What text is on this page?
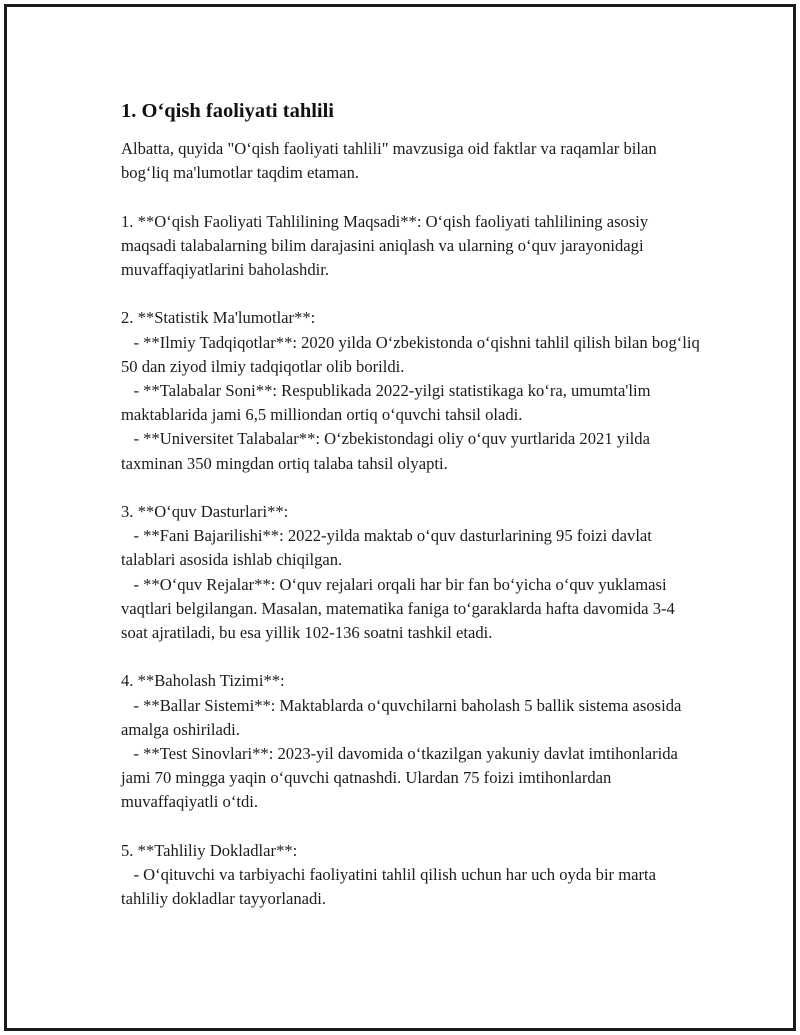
1. O‘qish faoliyati tahlili

Albatta, quyida "O‘qish faoliyati tahlili" mavzusiga oid faktlar va raqamlar bilan bog‘liq ma'lumotlar taqdim etaman.

1. **O‘qish Faoliyati Tahlilining Maqsadi**: O‘qish faoliyati tahlilining asosiy maqsadi talabalarning bilim darajasini aniqlash va ularning o‘quv jarayonidagi muvaffaqiyatlarini baholashdir.

2. **Statistik Ma'lumotlar**:

- **Ilmiy Tadqiqotlar**: 2020 yilda O‘zbekistonda o‘qishni tahlil qilish bilan bog‘liq 50 dan ziyod ilmiy tadqiqotlar olib borildi.

- **Talabalar Soni**: Respublikada 2022-yilgi statistikaga ko‘ra, umumta'lim maktablarida jami 6,5 milliondan ortiq o‘quvchi tahsil oladi.

- **Universitet Talabalar**: O‘zbekistondagi oliy o‘quv yurtlarida 2021 yilda taxminan 350 mingdan ortiq talaba tahsil olyapti.

3. **O‘quv Dasturlari**:

- **Fani Bajarilishi**: 2022-yilda maktab o‘quv dasturlarining 95 foizi davlat talablari asosida ishlab chiqilgan.

- **O‘quv Rejalar**: O‘quv rejalari orqali har bir fan bo‘yicha o‘quv yuklamasi vaqtlari belgilangan. Masalan, matematika faniga to‘garaklarda hafta davomida 3-4 soat ajratiladi, bu esa yillik 102-136 soatni tashkil etadi.

4. **Baholash Tizimi**:

- **Ballar Sistemi**: Maktablarda o‘quvchilarni baholash 5 ballik sistema asosida amalga oshiriladi.

- **Test Sinovlari**: 2023-yil davomida o‘tkazilgan yakuniy davlat imtihonlarida jami 70 mingga yaqin o‘quvchi qatnashdi. Ulardan 75 foizi imtihonlardan muvaffaqiyatli o‘tdi.

5. **Tahliliy Dokladlar**:

- O‘qituvchi va tarbiyachi faoliyatini tahlil qilish uchun har uch oyda bir marta tahliliy dokladlar tayyorlanadi.
